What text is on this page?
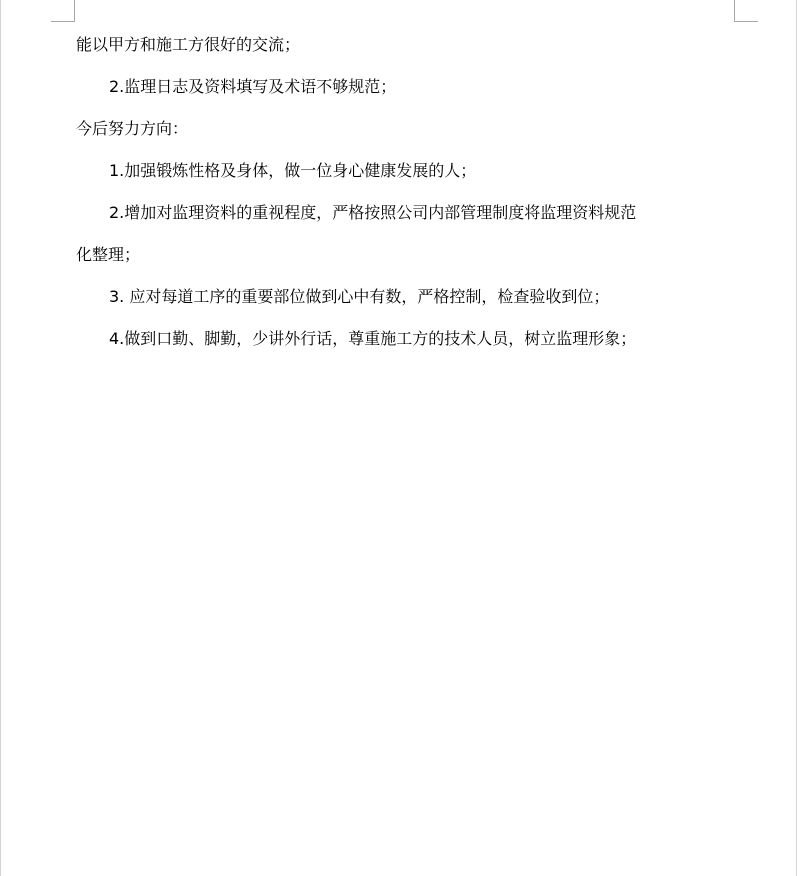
能以甲方和施工方很好的交流；
2.监理日志及资料填写及术语不够规范；
今后努力方向：
1.加强锻炼性格及身体，做一位身心健康发展的人；
2.增加对监理资料的重视程度，严格按照公司内部管理制度将监理资料规范
化整理；
3. 应对每道工序的重要部位做到心中有数，严格控制，检查验收到位；
4.做到口勤、脚勤，少讲外行话，尊重施工方的技术人员，树立监理形象；
